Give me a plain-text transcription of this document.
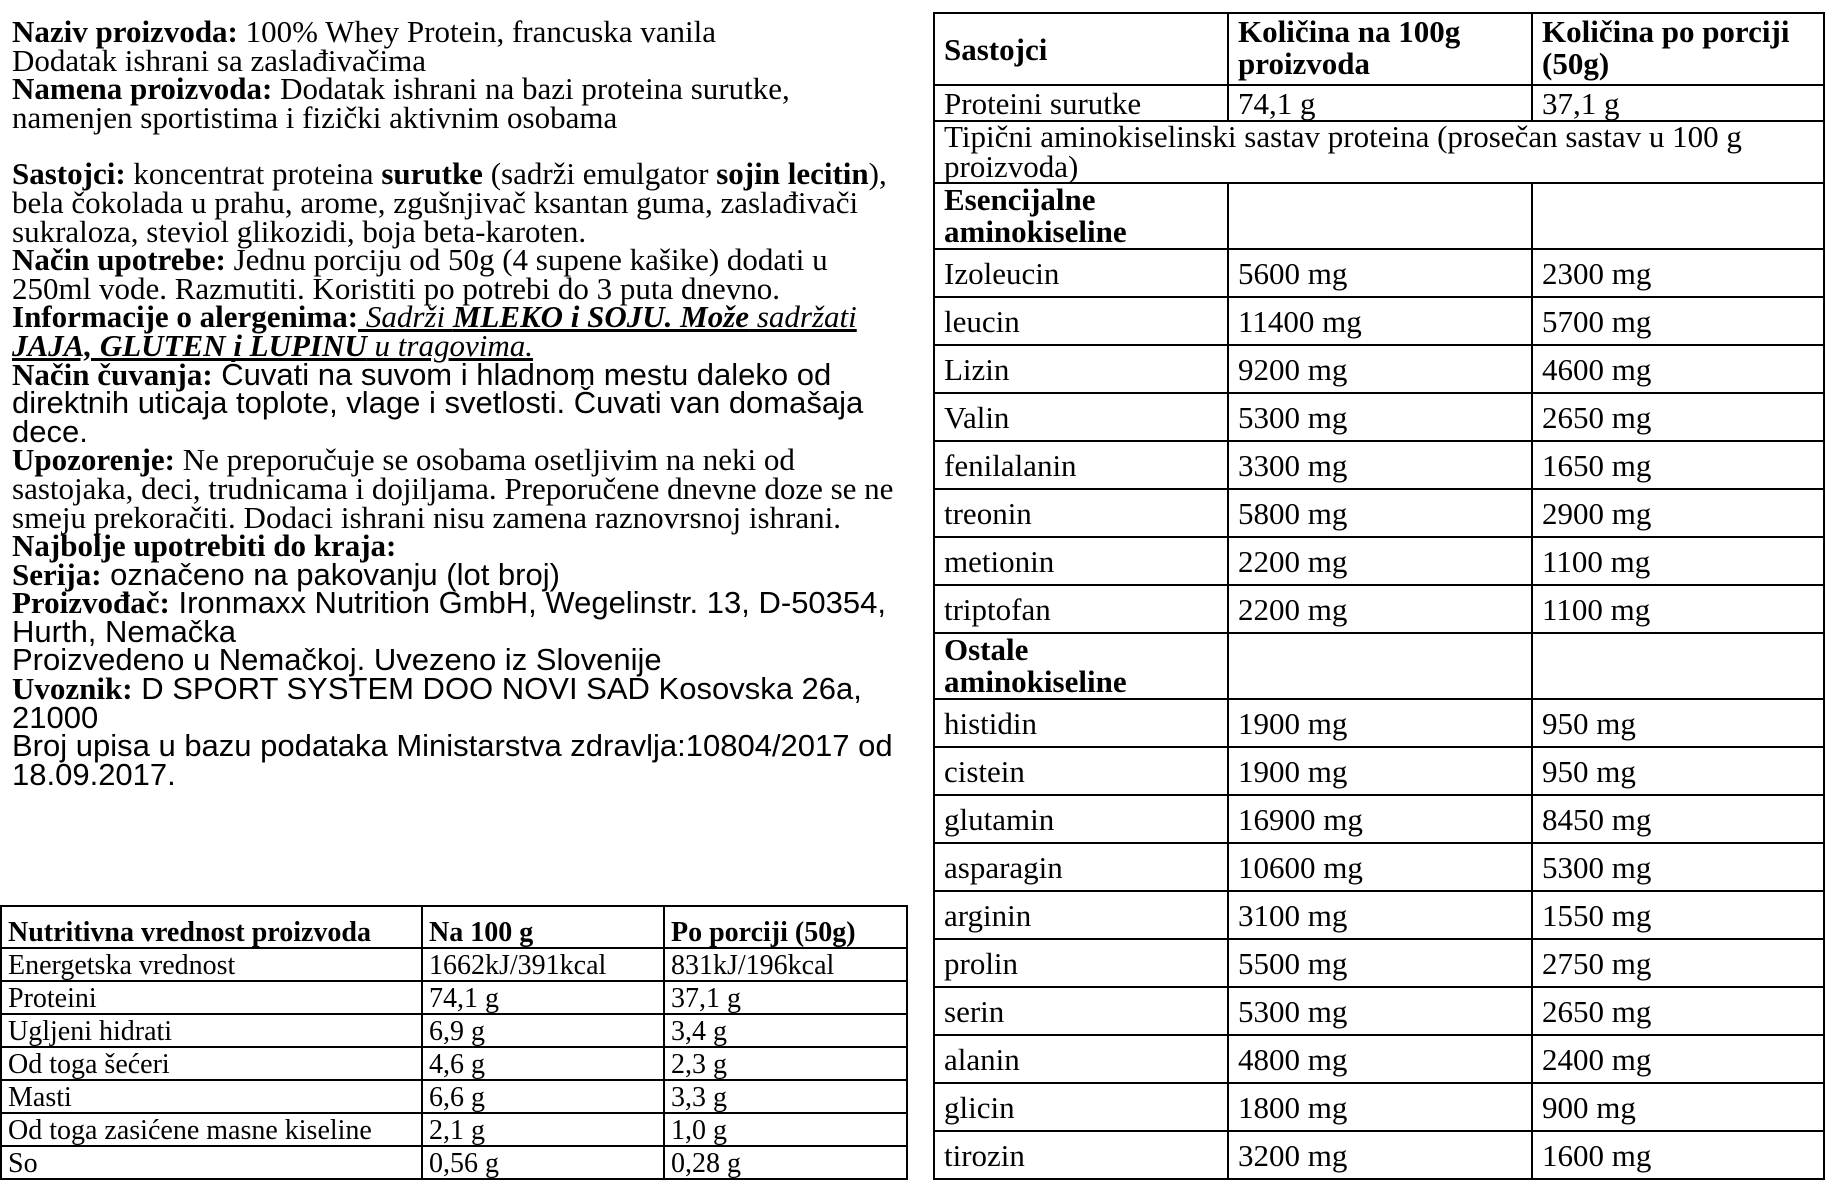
Naziv proizvoda: 100% Whey Protein, francuska vanila

Dodatak ishrani sa zaslađivačima

Namena proizvoda: Dodatak ishrani na bazi proteina surutke, namenjen sportistima i fizički aktivnim osobama

Sastojci: koncentrat proteina surutke (sadrži emulgator sojin lecitin), bela čokolada u prahu, arome, zgušnjivač ksantan guma, zaslađivači sukraloza, steviol glikozidi, boja beta-karoten.

Način upotrebe: Jednu porciju od 50g (4 supene kašike) dodati u 250ml vode. Razmutiti. Koristiti po potrebi do 3 puta dnevno.

Informacije o alergenima: Sadrži MLEKO i SOJU. Može sadržati JAJA, GLUTEN i LUPINU u tragovima.

Način čuvanja: Čuvati na suvom i hladnom mestu daleko od direktnih uticaja toplote, vlage i svetlosti. Čuvati van domašaja dece.

Upozorenje: Ne preporučuje se osobama osetljivim na neki od sastojaka, deci, trudnicama i dojiljama. Preporučene dnevne doze se ne smeju prekoračiti. Dodaci ishrani nisu zamena raznovrsnoj ishrani.

Najbolje upotrebiti do kraja:

Serija: označeno na pakovanju (lot broj)

Proizvođač: Ironmaxx Nutrition GmbH, Wegelinstr. 13, D-50354, Hurth, Nemačka

Proizvedeno u Nemačkoj. Uvezeno iz Slovenije

Uvoznik: D SPORT SYSTEM DOO NOVI SAD Kosovska 26a, 21000

Broj upisa u bazu podataka Ministarstva zdravlja:10804/2017 od 18.09.2017.

Nutritivna vrednost proizvoda	Na 100 g	Po porciji (50g)
Energetska vrednost	1662kJ/391kcal	831kJ/196kcal
Proteini	74,1 g	37,1 g
Ugljeni hidrati	6,9 g	3,4 g
Od toga šećeri	4,6 g	2,3 g
Masti	6,6 g	3,3 g
Od toga zasićene masne kiseline	2,1 g	1,0 g
So	0,56 g	0,28 g
Sastojci	Količina na 100g proizvoda	Količina po porciji (50g)
Proteini surutke	74,1 g	37,1 g
Tipični aminokiselinski sastav proteina (prosečan sastav u 100 g proizvoda)		
Esencijalne aminokiseline		
Izoleucin	5600 mg	2300 mg
leucin	11400 mg	5700 mg
Lizin	9200 mg	4600 mg
Valin	5300 mg	2650 mg
fenilalanin	3300 mg	1650 mg
treonin	5800 mg	2900 mg
metionin	2200 mg	1100 mg
triptofan	2200 mg	1100 mg
Ostale aminokiseline		
histidin	1900 mg	950 mg
cistein	1900 mg	950 mg
glutamin	16900 mg	8450 mg
asparagin	10600 mg	5300 mg
arginin	3100 mg	1550 mg
prolin	5500 mg	2750 mg
serin	5300 mg	2650 mg
alanin	4800 mg	2400 mg
glicin	1800 mg	900 mg
tirozin	3200 mg	1600 mg
